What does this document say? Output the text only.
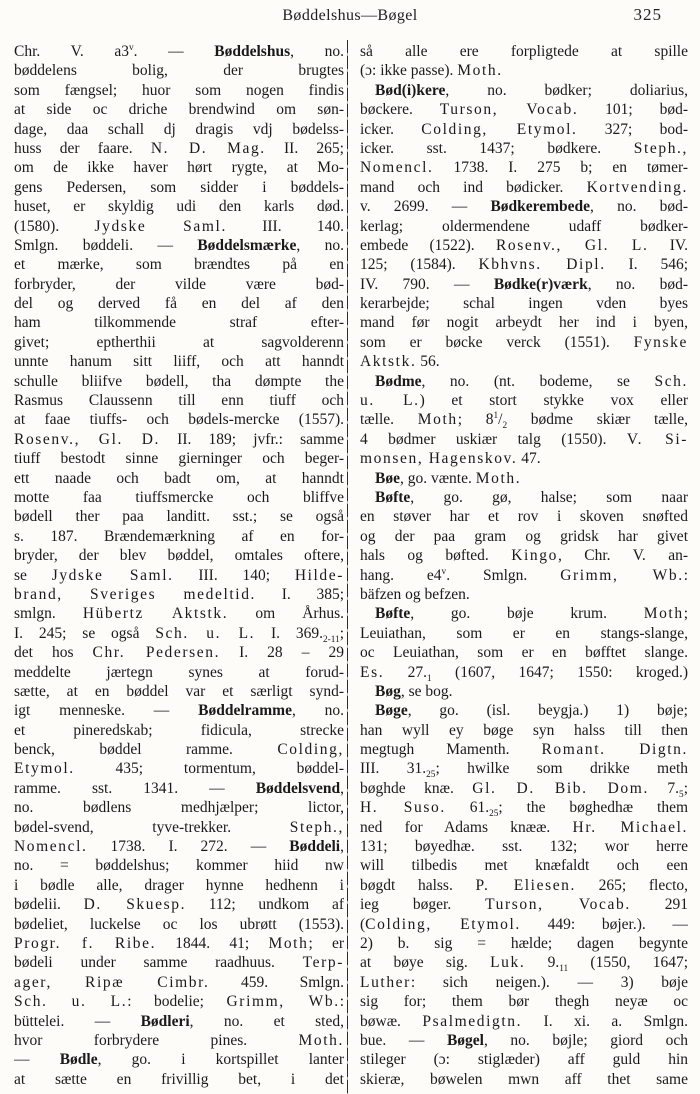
Bøddelshus—Bøgel	325
Chr. V. a3$^v$. — Bøddelshus, no.
bøddelens bolig, der brugtes
som fængsel; huor som nogen findis
at side oc driche brendwind om søn-
dage, daa schall dj dragis vdj bødelss-
huss der faare. N. D. Mag. II. 265;
om de ikke haver hørt rygte, at Mo-
gens Pedersen, som sidder i bøddels-
huset, er skyldig udi den karls død.
(1580). Jydske Saml. III. 140.
Smlgn. bøddeli. — Bøddelsmærke, no.
et mærke, som brændtes på en
forbryder, der vilde være bød-
del og derved få en del af den
ham tilkommende straf efter-
givet; eptherthii at sagvolderenn
unnte hanum sitt liiff, och att hanndt
schulle bliifve bødell, tha dømpte the
Rasmus Claussenn till enn tiuff och
at faae tiuffs- och bødels-mercke (1557).
Rosenv., Gl. D. II. 189; jvfr.: samme
tiuff bestodt sinne gierninger och beger-
ett naade och badt om, at hanndt
motte faa tiuffsmercke och bliffve
bødell ther paa landitt. sst.; se også
s. 187. Brændemærkning af en for-
bryder, der blev bøddel, omtales oftere,
se Jydske Saml. III. 140; Hilde-
brand, Sveriges medeltid. I. 385;
smlgn. Hübertz Aktstk. om Århus.
I. 245; se også Sch. u. L. I. $369._{2-11}$;
det hos Chr. Pedersen. I. 28 – 29
meddelte jærtegn synes at forud-
sætte, at en bøddel var et særligt synd-
igt menneske. — Bøddelramme, no.
et pineredskab; fidicula, strecke
benck, bøddel ramme. Colding,
Etymol. 435; tormentum, bøddel-
ramme. sst. 1341. — Bøddelsvend,
no. bødlens medhjælper; lictor,
bødel-svend, tyve-trekker. Steph.,
Nomencl. 1738. I. 272. — Bøddeli,
no. = bøddelshus; kommer hiid nw
i bødle alle, drager hynne hedhenn i
bødelii. D. Skuesp. 112; undkom af
bødeliet, luckelse oc los ubrøtt (1553).
Progr. f. Ribe. 1844. 41; Moth; er
bødeli under samme raadhuus. Terp-
ager, Ripæ Cimbr. 459. Smlgn.
Sch. u. L.: bodelie; Grimm, Wb.:
büttelei. — Bødleri, no. et sted,
hvor forbrydere pines. Moth.
— Bødle, go. i kortspillet lanter
at sætte en frivillig bet, i det
så alle ere forpligtede at spille
(ɔ: ikke passe). Moth.
Bød(i)kere, no. bødker; doliarius,
bøckere. Turson, Vocab. 101; bød-
icker. Colding, Etymol. 327; bod-
icker. sst. 1437; bødkere. Steph.,
Nomencl. 1738. I. 275 b; en tømer-
mand och ind bødicker. Kortvending.
v. 2699. — Bødkerembede, no. bød-
kerlag; oldermendene udaff bødker-
embede (1522). Rosenv., Gl. L. IV.
125; (1584). Kbhvns. Dipl. I. 546;
IV. 790. — Bødke(r)værk, no. bød-
kerarbejde; schal ingen vden byes
mand før nogit arbeydt her ind i byen,
som er bøcke verck (1551). Fynske
Aktstk. 56.
Bødme, no. (nt. bodeme, se Sch.
u. L.) et stort stykke vox eller
tælle. Moth; $8^1/_2$ bødme skiær tælle,
4 bødmer uskiær talg (1550). V. Si-
monsen, Hagenskov. 47.
Bøe, go. vænte. Moth.
Bøfte, go. gø, halse; som naar
en støver har et rov i skoven snøfted
og der paa gram og gridsk har givet
hals og bøfted. Kingo, Chr. V. an-
hang. e4$^v$. Smlgn. Grimm, Wb.:
bäfzen og befzen.
Bøfte, go. bøje krum. Moth;
Leuiathan, som er en stangs-slange,
oc Leuiathan, som er en bøfftet slange.
Es. $27._1$ (1607, 1647; 1550: kroged.)
Bøg, se bog.
Bøge, go. (isl. beygja.) 1) bøje;
han wyll ey bøge syn halss till then
megtugh Mamenth. Romant. Digtn.
III. $31._{25}$; hwilke som drikke meth
bøghde knæ. Gl. D. Bib. Dom. $7._5$;
H. Suso. $61._{25}$; the bøghedhæ them
ned for Adams knææ. Hr. Michael.
131; bøyedhæ. sst. 132; wor herre
will tilbedis met knæfaldt och een
bøgdt halss. P. Eliesen. 265; flecto,
ieg bøger. Turson, Vocab. 291
(Colding, Etymol. 449: bøjer.). —
2) b. sig = hælde; dagen begynte
at bøye sig. Luk. $9._{11}$ (1550, 1647;
Luther: sich neigen.). — 3) bøje
sig for; them bør thegh neyæ oc
bøwæ. Psalmedigtn. I. xi. a. Smlgn.
bue. — Bøgel, no. bøjle; giord och
stileger (ɔ: stiglæder) aff guld hin
skieræ, bøwelen mwn aff thet same
